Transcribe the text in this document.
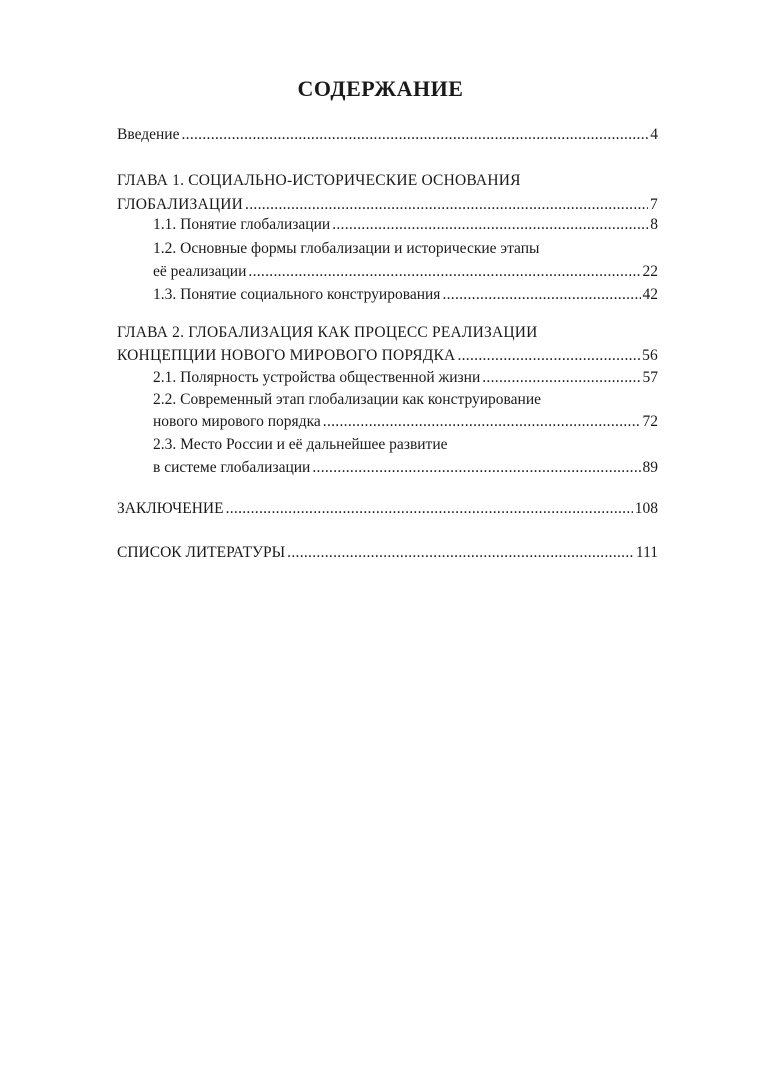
СОДЕРЖАНИЕ
Введение .....	4
ГЛАВА 1. СОЦИАЛЬНО-ИСТОРИЧЕСКИЕ ОСНОВАНИЯ
ГЛОБАЛИЗАЦИИ .....	7
1.1. Понятие глобализации .....	8
1.2. Основные формы глобализации и исторические этапы
её реализации .....	22
1.3. Понятие социального конструирования .....	42
ГЛАВА 2. ГЛОБАЛИЗАЦИЯ КАК ПРОЦЕСС РЕАЛИЗАЦИИ
КОНЦЕПЦИИ НОВОГО МИРОВОГО ПОРЯДКА .....	56
2.1. Полярность устройства общественной жизни .....	57
2.2. Современный этап глобализации как конструирование
нового мирового порядка .....	72
2.3. Место России и её дальнейшее развитие
в системе глобализации .....	89
ЗАКЛЮЧЕНИЕ .....	108
СПИСОК ЛИТЕРАТУРЫ .....	111
